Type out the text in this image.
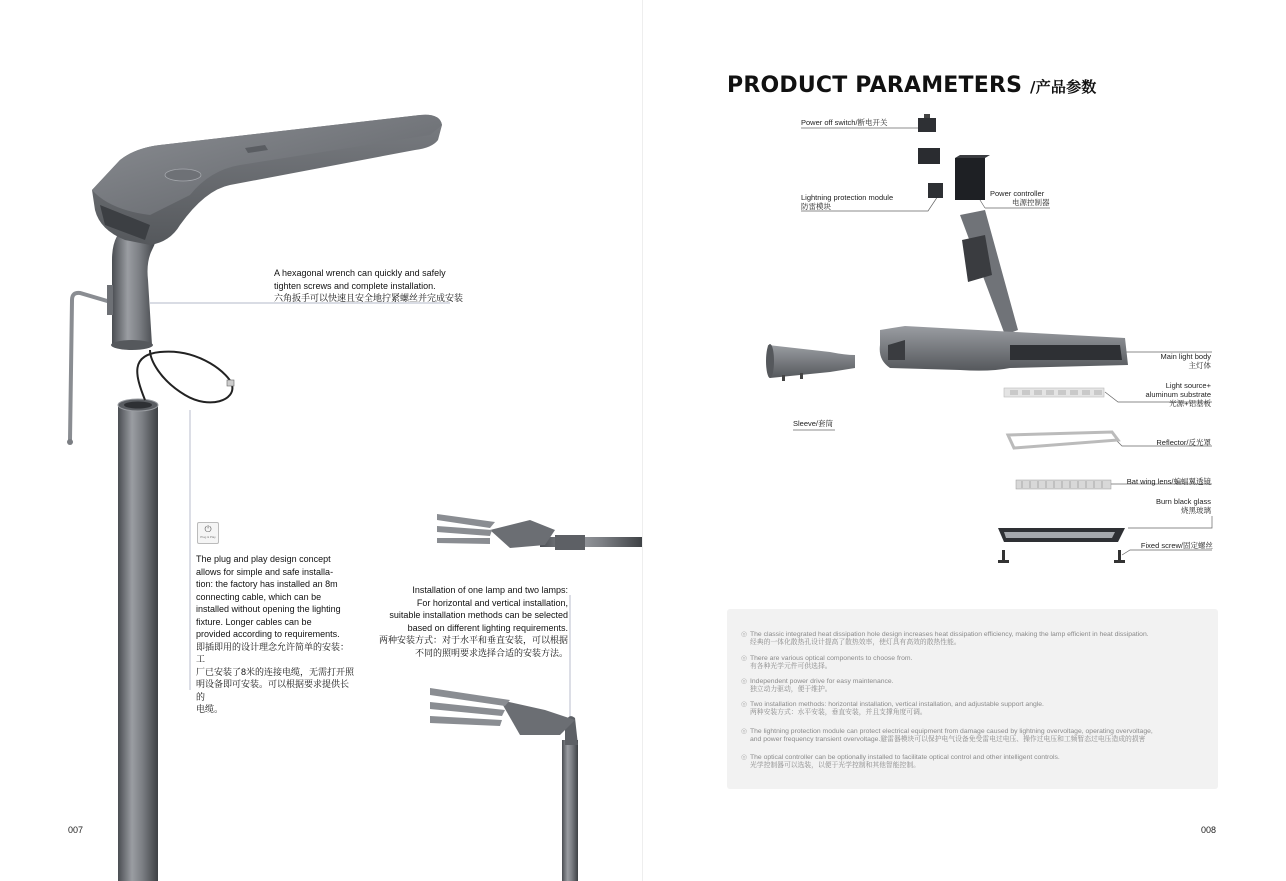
A hexagonal wrench can quickly and safely
tighten screws and complete installation.
六角扳手可以快速且安全地拧紧螺丝并完成安装
⏻
Plug & Play
The plug and play design concept
allows for simple and safe installa-
tion: the factory has installed an 8m
connecting cable, which can be
installed without opening the lighting
fixture. Longer cables can be
provided according to requirements.
即插即用的设计理念允许简单的安装：工
厂已安装了8米的连接电缆，无需打开照
明设备即可安装。可以根据要求提供长的
电缆。
Installation of one lamp and two lamps:
For horizontal and vertical installation,
suitable installation methods can be selected
based on different lighting requirements.
两种安装方式：对于水平和垂直安装，可以根据
不同的照明要求选择合适的安装方法。
007
PRODUCT PARAMETERS /产品参数
Power off switch/断电开关
Lightning protection module
防雷模块
Power controller
电源控制器
Main light body
主灯体
Light source+
aluminum substrate
光源+铝基板
Sleeve/套筒
Reflector/反光罩
Bat wing lens/蝙蝠翼透镜
Burn black glass
烧黑玻璃
Fixed screw/固定螺丝
◎ The classic integrated heat dissipation hole design increases heat dissipation efficiency, making the lamp efficient in heat dissipation.
经典的一体化散热孔设计提高了散热效率，使灯具有高效的散热性能。
◎ There are various optical components to choose from.
有各种光学元件可供选择。
◎ Independent power drive for easy maintenance.
独立动力驱动，便于维护。
◎ Two installation methods: horizontal installation, vertical installation, and adjustable support angle.
两种安装方式：水平安装，垂直安装，并且支撑角度可调。
◎ The lightning protection module can protect electrical equipment from damage caused by lightning overvoltage, operating overvoltage,
and power frequency transient overvoltage.避雷器模块可以保护电气设备免受雷电过电压、操作过电压和工频暂态过电压造成的损害
◎ The optical controller can be optionally installed to facilitate optical control and other intelligent controls.
光学控制器可以选装，以便于光学控制和其他智能控制。
008
